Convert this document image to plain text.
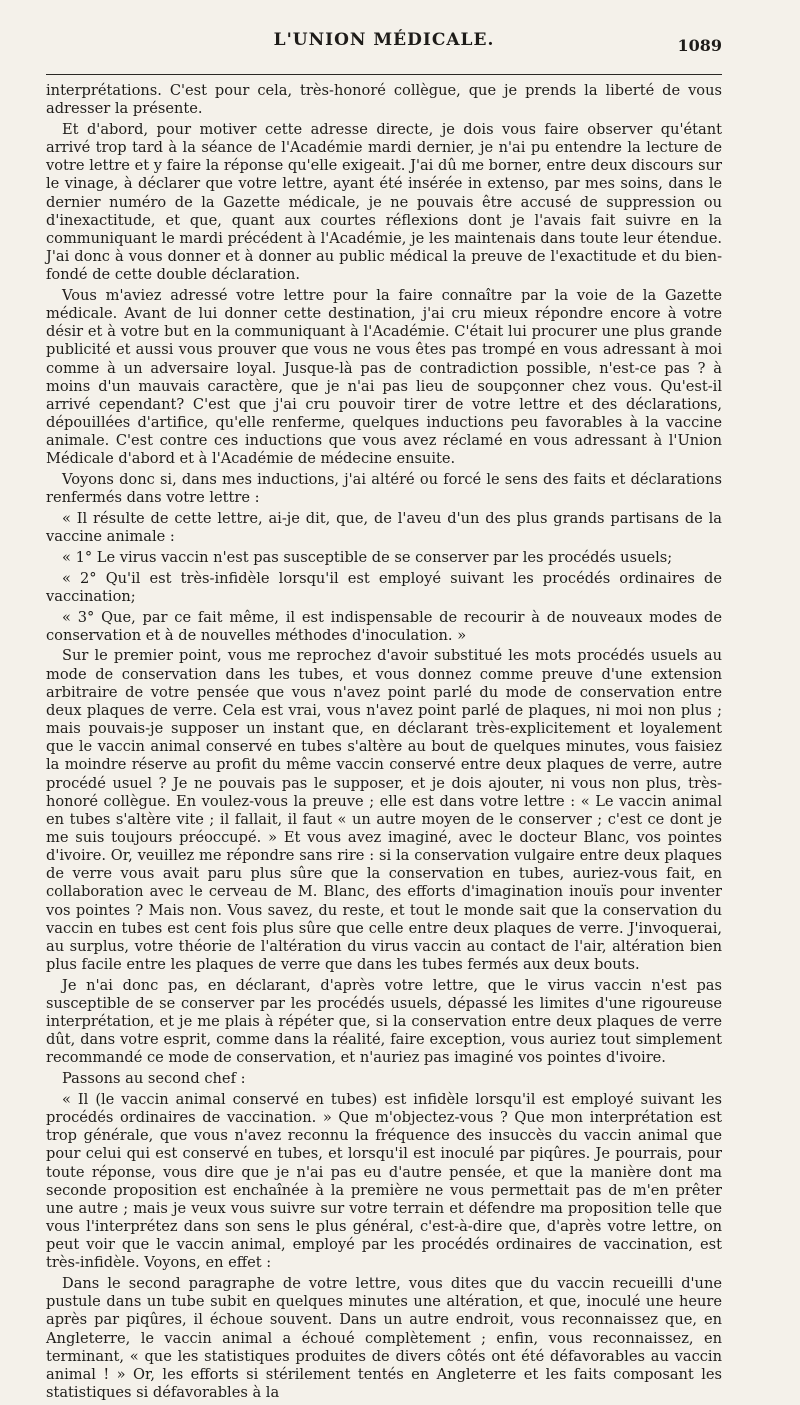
L'UNION MÉDICALE.	1089

interprétations. C'est pour cela, très-honoré collègue, que je prends la liberté de vous adresser la présente.

Et d'abord, pour motiver cette adresse directe, je dois vous faire observer qu'étant arrivé trop tard à la séance de l'Académie mardi dernier, je n'ai pu entendre la lecture de votre lettre et y faire la réponse qu'elle exigeait. J'ai dû me borner, entre deux discours sur le vinage, à déclarer que votre lettre, ayant été insérée in extenso, par mes soins, dans le dernier numéro de la Gazette médicale, je ne pouvais être accusé de suppression ou d'inexactitude, et que, quant aux courtes réflexions dont je l'avais fait suivre en la communiquant le mardi précédent à l'Académie, je les maintenais dans toute leur étendue. J'ai donc à vous donner et à donner au public médical la preuve de l'exactitude et du bien-fondé de cette double déclaration.

Vous m'aviez adressé votre lettre pour la faire connaître par la voie de la Gazette médicale. Avant de lui donner cette destination, j'ai cru mieux répondre encore à votre désir et à votre but en la communiquant à l'Académie. C'était lui procurer une plus grande publicité et aussi vous prouver que vous ne vous êtes pas trompé en vous adressant à moi comme à un adversaire loyal. Jusque-là pas de contradiction possible, n'est-ce pas ? à moins d'un mauvais caractère, que je n'ai pas lieu de soupçonner chez vous. Qu'est-il arrivé cependant? C'est que j'ai cru pouvoir tirer de votre lettre et des déclarations, dépouillées d'artifice, qu'elle renferme, quelques inductions peu favorables à la vaccine animale. C'est contre ces inductions que vous avez réclamé en vous adressant à l'Union Médicale d'abord et à l'Académie de médecine ensuite.

Voyons donc si, dans mes inductions, j'ai altéré ou forcé le sens des faits et déclarations renfermés dans votre lettre :

« Il résulte de cette lettre, ai-je dit, que, de l'aveu d'un des plus grands partisans de la vaccine animale :

« 1° Le virus vaccin n'est pas susceptible de se conserver par les procédés usuels;

« 2° Qu'il est très-infidèle lorsqu'il est employé suivant les procédés ordinaires de vaccination;

« 3° Que, par ce fait même, il est indispensable de recourir à de nouveaux modes de conservation et à de nouvelles méthodes d'inoculation. »

Sur le premier point, vous me reprochez d'avoir substitué les mots procédés usuels au mode de conservation dans les tubes, et vous donnez comme preuve d'une extension arbitraire de votre pensée que vous n'avez point parlé du mode de conservation entre deux plaques de verre. Cela est vrai, vous n'avez point parlé de plaques, ni moi non plus ; mais pouvais-je supposer un instant que, en déclarant très-explicitement et loyalement que le vaccin animal conservé en tubes s'altère au bout de quelques minutes, vous faisiez la moindre réserve au profit du même vaccin conservé entre deux plaques de verre, autre procédé usuel ? Je ne pouvais pas le supposer, et je dois ajouter, ni vous non plus, très-honoré collègue. En voulez-vous la preuve ; elle est dans votre lettre : « Le vaccin animal en tubes s'altère vite ; il fallait, il faut « un autre moyen de le conserver ; c'est ce dont je me suis toujours préoccupé. » Et vous avez imaginé, avec le docteur Blanc, vos pointes d'ivoire. Or, veuillez me répondre sans rire : si la conservation vulgaire entre deux plaques de verre vous avait paru plus sûre que la conservation en tubes, auriez-vous fait, en collaboration avec le cerveau de M. Blanc, des efforts d'imagination inouïs pour inventer vos pointes ? Mais non. Vous savez, du reste, et tout le monde sait que la conservation du vaccin en tubes est cent fois plus sûre que celle entre deux plaques de verre. J'invoquerai, au surplus, votre théorie de l'altération du virus vaccin au contact de l'air, altération bien plus facile entre les plaques de verre que dans les tubes fermés aux deux bouts.

Je n'ai donc pas, en déclarant, d'après votre lettre, que le virus vaccin n'est pas susceptible de se conserver par les procédés usuels, dépassé les limites d'une rigoureuse interprétation, et je me plais à répéter que, si la conservation entre deux plaques de verre dût, dans votre esprit, comme dans la réalité, faire exception, vous auriez tout simplement recommandé ce mode de conservation, et n'auriez pas imaginé vos pointes d'ivoire.

Passons au second chef :

« Il (le vaccin animal conservé en tubes) est infidèle lorsqu'il est employé suivant les procédés ordinaires de vaccination. » Que m'objectez-vous ? Que mon interprétation est trop générale, que vous n'avez reconnu la fréquence des insuccès du vaccin animal que pour celui qui est conservé en tubes, et lorsqu'il est inoculé par piqûres. Je pourrais, pour toute réponse, vous dire que je n'ai pas eu d'autre pensée, et que la manière dont ma seconde proposition est enchaînée à la première ne vous permettait pas de m'en prêter une autre ; mais je veux vous suivre sur votre terrain et défendre ma proposition telle que vous l'interprétez dans son sens le plus général, c'est-à-dire que, d'après votre lettre, on peut voir que le vaccin animal, employé par les procédés ordinaires de vaccination, est très-infidèle. Voyons, en effet :

Dans le second paragraphe de votre lettre, vous dites que du vaccin recueilli d'une pustule dans un tube subit en quelques minutes une altération, et que, inoculé une heure après par piqûres, il échoue souvent. Dans un autre endroit, vous reconnaissez que, en Angleterre, le vaccin animal a échoué complètement ; enfin, vous reconnaissez, en terminant, « que les statistiques produites de divers côtés ont été défavorables au vaccin animal ! » Or, les efforts si stérilement tentés en Angleterre et les faits composant les statistiques si défavorables à la
